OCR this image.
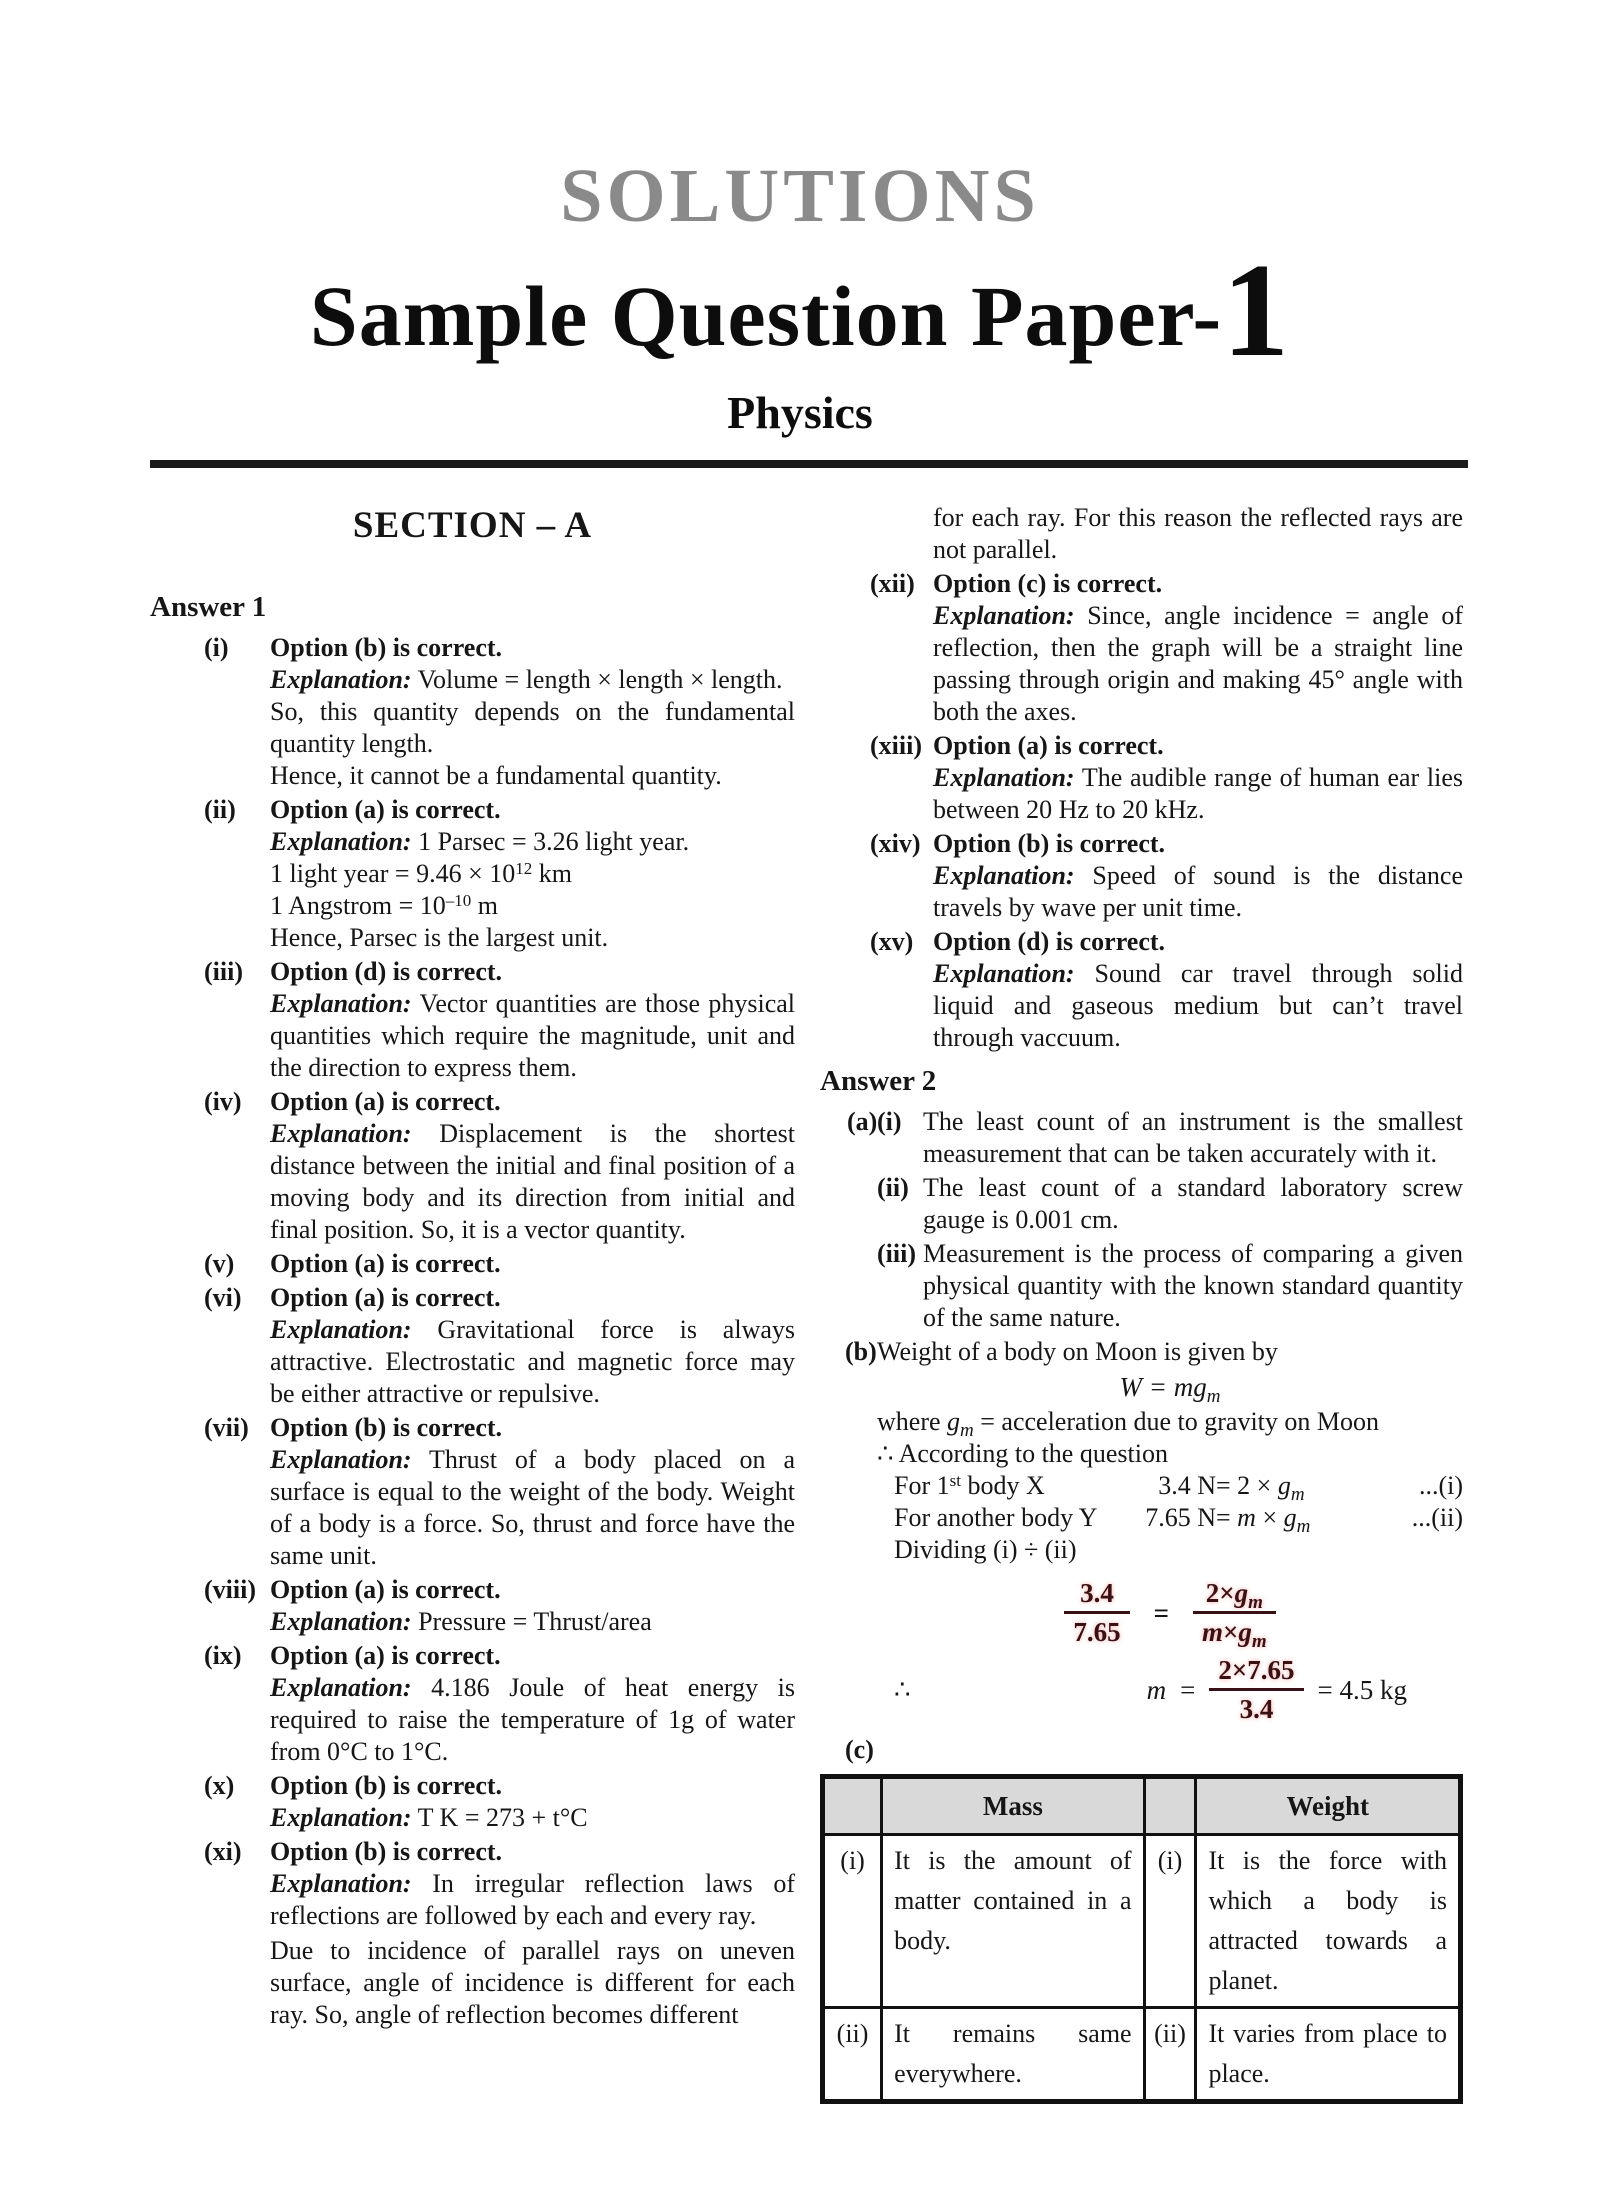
SOLUTIONS
Sample Question Paper-1
Physics
SECTION – A
Answer 1
(i)	Option (b) is correct.

Explanation: Volume = length × length × length.

So, this quantity depends on the fundamental quantity length.

Hence, it cannot be a fundamental quantity.

(ii)	Option (a) is correct.

Explanation: 1 Parsec = 3.26 light year.

1 light year = $9.46 \times 10^{12}$ km

1 Angstrom = $10^{-10}$ m

Hence, Parsec is the largest unit.

(iii)	Option (d) is correct.

Explanation: Vector quantities are those physical quantities which require the magnitude, unit and the direction to express them.

(iv)	Option (a) is correct.

Explanation: Displacement is the shortest distance between the initial and final position of a moving body and its direction from initial and final position. So, it is a vector quantity.

(v)	Option (a) is correct.

(vi)	Option (a) is correct.

Explanation: Gravitational force is always attractive. Electrostatic and magnetic force may be either attractive or repulsive.

(vii) Option (b) is correct.

Explanation: Thrust of a body placed on a surface is equal to the weight of the body. Weight of a body is a force. So, thrust and force have the same unit.

(viii) Option (a) is correct.

Explanation: Pressure = Thrust/area

(ix)	Option (a) is correct.

Explanation: 4.186 Joule of heat energy is required to raise the temperature of 1g of water from 0°C to 1°C.

(x)	Option (b) is correct.

Explanation: T K = 273 + t°C

(xi)	Option (b) is correct.

Explanation: In irregular reflection laws of reflections are followed by each and every ray.

Due to incidence of parallel rays on uneven surface, angle of incidence is different for each ray. So, angle of reflection becomes different

for each ray. For this reason the reflected rays are not parallel.

(xii) Option (c) is correct.

Explanation: Since, angle incidence = angle of reflection, then the graph will be a straight line passing through origin and making 45° angle with both the axes.

(xiii) Option (a) is correct.

Explanation: The audible range of human ear lies between 20 Hz to 20 kHz.

(xiv) Option (b) is correct.

Explanation: Speed of sound is the distance travels by wave per unit time.

(xv) Option (d) is correct.

Explanation: Sound car travel through solid liquid and gaseous medium but can’t travel through vaccuum.

Answer 2
(a) (i) The least count of an instrument is the smallest measurement that can be taken accurately with it.
(ii) The least count of a standard laboratory screw gauge is 0.001 cm.
(iii) Measurement is the process of comparing a given physical quantity with the known standard quantity of the same nature.
(b) Weight of a body on Moon is given by

$W = mg_m$

where $g_m$ = acceleration due to gravity on Moon

∴ According to the question

For 1st body X	3.4 $N = 2 \times g_m$	...(i)
For another body Y	7.65 $N = m \times g_m$	...(ii)

Dividing (i) ÷ (ii)

$\frac{3.4}{7.65} = \frac{2\times g_m}{m\times g_m}$
∴	$m = \frac{2\times 7.65}{3.4} = 4.5$ kg
(c)
	Mass		Weight
(i)	It is the amount of matter contained in a body.	(i)	It is the force with which a body is attracted towards a planet.
(ii)	It remains same everywhere.	(ii)	It varies from place to place.
